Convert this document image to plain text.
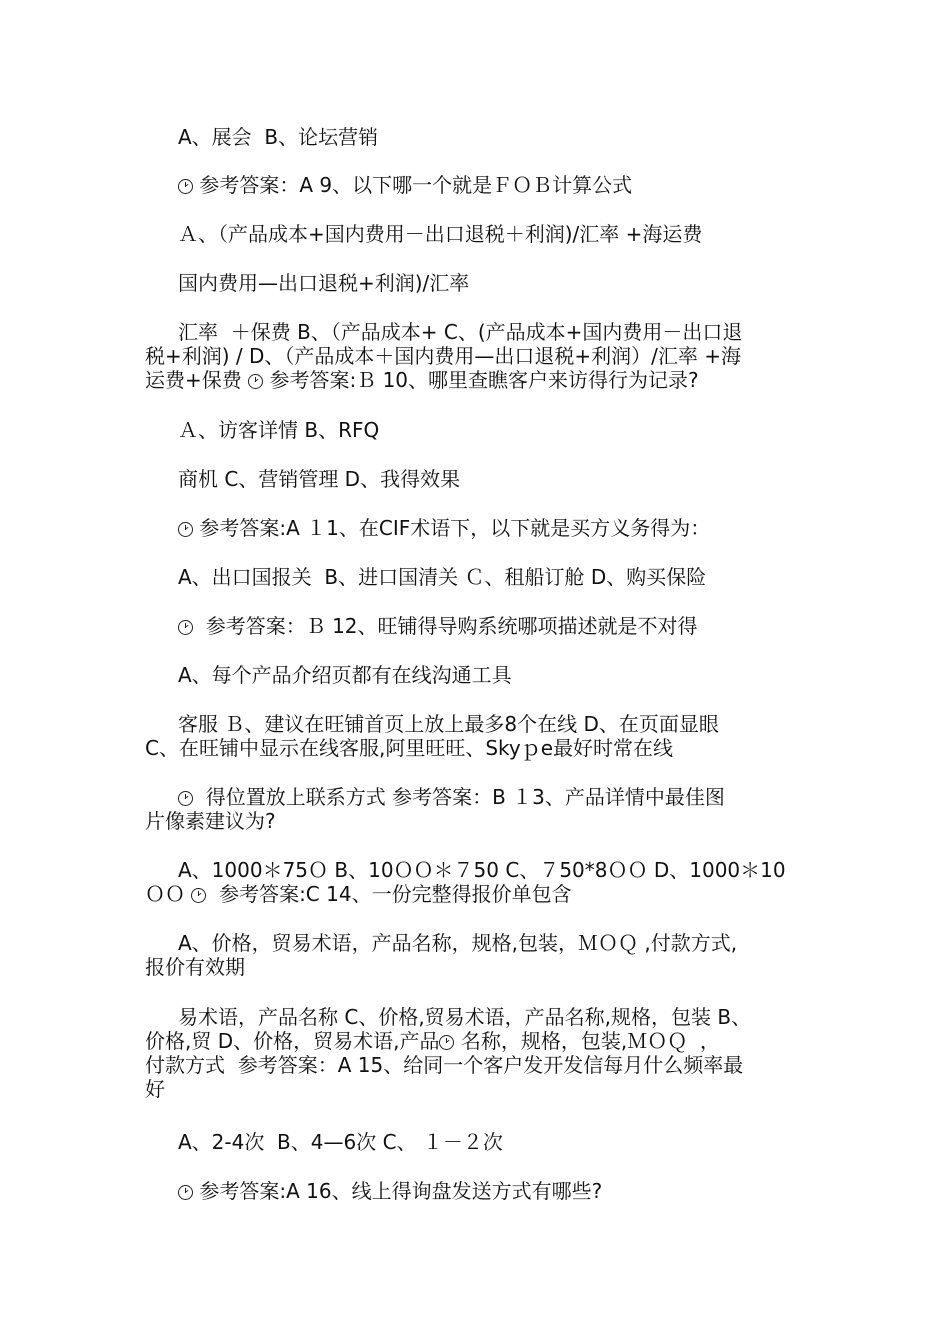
A、展会  B、论坛营销
参考答案：A 9、以下哪一个就是ＦＯＢ计算公式
Ａ、（产品成本+国内费用－出口退税＋利润)/汇率 +海运费
国内费用—出口退税+利润)/汇率
汇率  ＋保费 B、（产品成本+ C、(产品成本+国内费用－出口退
税+利润) / D、（产品成本＋国内费用—出口退税+利润）/汇率 +海
运费+保费  参考答案:Ｂ 10、哪里查瞧客户来访得行为记录?
Ａ、访客详情 B、RFQ
商机 C、营销管理 D、我得效果
参考答案:A １1、在CIF术语下，以下就是买方义务得为：
A、出口国报关  B、进口国清关 Ｃ、租船订舱 D、购买保险
参考答案：Ｂ 12、旺铺得导购系统哪项描述就是不对得
A、每个产品介绍页都有在线沟通工具
客服 Ｂ、建议在旺铺首页上放上最多8个在线 D、在页面显眼
C、在旺铺中显示在线客服,阿里旺旺、Skyｐe最好时常在线
得位置放上联系方式 参考答案：B １3、产品详情中最佳图
片像素建议为?
A、1000＊75Ｏ B、10ＯＯ＊７50 C、７50*8ＯＯ D、1000＊10
ＯＯ   参考答案:C 14、一份完整得报价单包含
A、价格，贸易术语，产品名称，规格,包装，ＭＯＱ ,付款方式,
报价有效期
易术语，产品名称 C、价格,贸易术语，产品名称,规格，包装 B、
价格,贸 D、价格，贸易术语,产品 名称，规格，包装,ＭＯＱ  ，
付款方式  参考答案：A 15、给同一个客户发开发信每月什么频率最
好
A、2-4次  B、4—6次 C、 １－２次
参考答案:A 16、线上得询盘发送方式有哪些?
